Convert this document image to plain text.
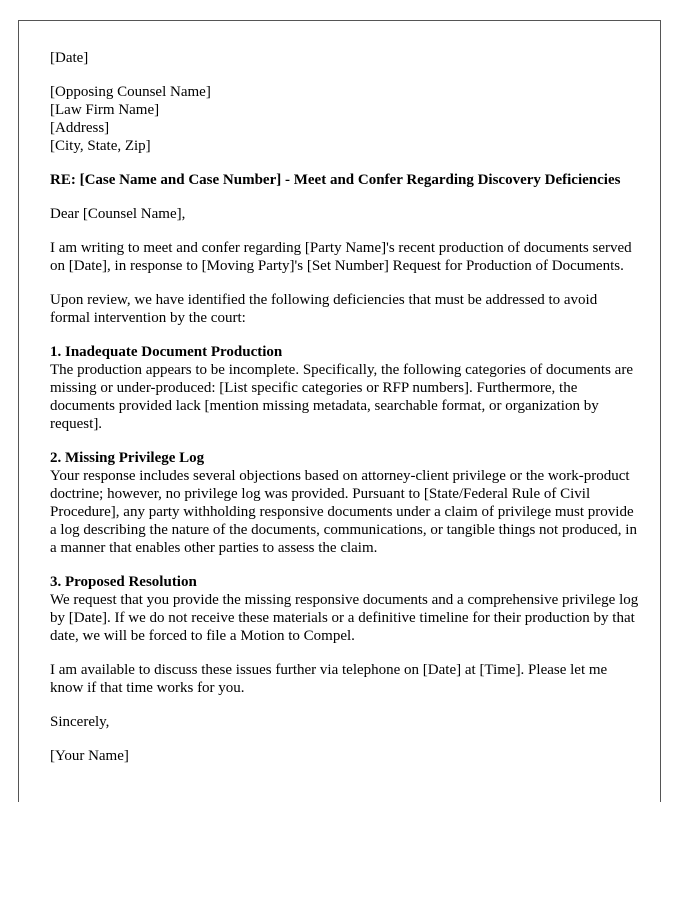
[Date]

[Opposing Counsel Name]
[Law Firm Name]
[Address]
[City, State, Zip]

RE: [Case Name and Case Number] - Meet and Confer Regarding Discovery Deficiencies

Dear [Counsel Name],

I am writing to meet and confer regarding [Party Name]'s recent production of documents served on [Date], in response to [Moving Party]'s [Set Number] Request for Production of Documents.

Upon review, we have identified the following deficiencies that must be addressed to avoid formal intervention by the court:

1. Inadequate Document Production
The production appears to be incomplete. Specifically, the following categories of documents are missing or under-produced: [List specific categories or RFP numbers]. Furthermore, the documents provided lack [mention missing metadata, searchable format, or organization by request].

2. Missing Privilege Log
Your response includes several objections based on attorney-client privilege or the work-product doctrine; however, no privilege log was provided. Pursuant to [State/Federal Rule of Civil Procedure], any party withholding responsive documents under a claim of privilege must provide a log describing the nature of the documents, communications, or tangible things not produced, in a manner that enables other parties to assess the claim.

3. Proposed Resolution
We request that you provide the missing responsive documents and a comprehensive privilege log by [Date]. If we do not receive these materials or a definitive timeline for their production by that date, we will be forced to file a Motion to Compel.

I am available to discuss these issues further via telephone on [Date] at [Time]. Please let me know if that time works for you.

Sincerely,

[Your Name]
